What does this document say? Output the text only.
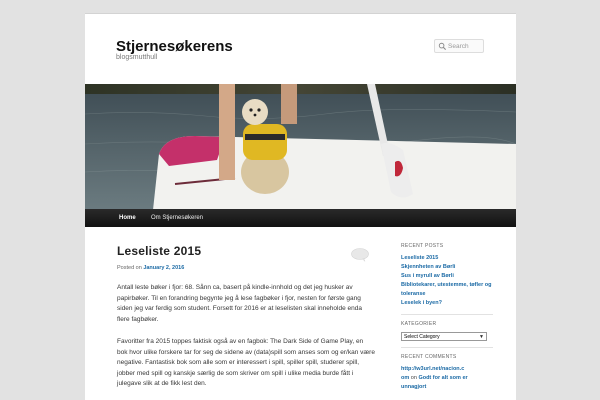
Stjernesøkerens
blogsmutthull
Search
Home	Om Stjernesøkeren
Leseliste 2015
Posted on January 2, 2016

Antall leste bøker i fjor: 68. Sånn ca, basert på kindle-innhold og det jeg husker av papirbøker. Til en forandring begynte jeg å lese fagbøker i fjor, nesten for første gang siden jeg var ferdig som student. Forsett for 2016 er at leselisten skal inneholde enda flere fagbøker.

Favoritter fra 2015 toppes faktisk også av en fagbok: The Dark Side of Game Play, en bok hvor ulike forskere tar for seg de sidene av (data)spill som anses som og er/kan være negative. Fantastisk bok som alle som er interessert i spill, spiller spill, studerer spill, jobber med spill og kanskje særlig de som skriver om spill i ulike media burde fått i julegave slik at de fikk lest den.

RECENT POSTS
Leseliste 2015
Skjennheten av Børli
Sus i myrull av Børli
Bibliotekarer, utestemme, tøfler og toleranse
Leselek i byen?
KATEGORIER
Select Category	▼
RECENT COMMENTS
http://w3url.net/nacion.c
om on Godt for alt som er
unnagjort
